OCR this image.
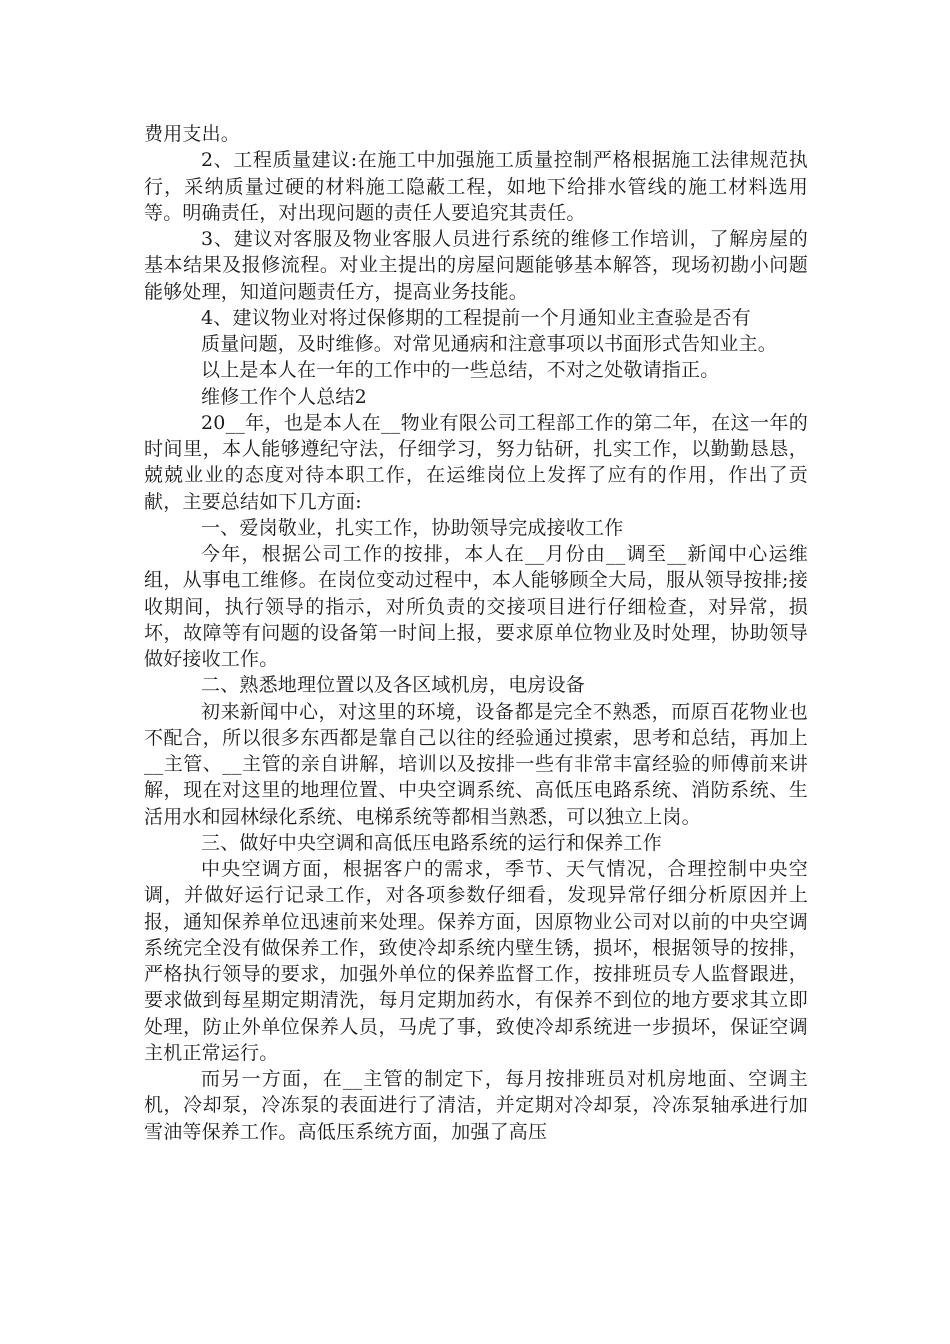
费用支出。

2、工程质量建议:在施工中加强施工质量控制严格根据施工法律规范执行，采纳质量过硬的材料施工隐蔽工程，如地下给排水管线的施工材料选用等。明确责任，对出现问题的责任人要追究其责任。

3、建议对客服及物业客服人员进行系统的维修工作培训，了解房屋的基本结果及报修流程。对业主提出的房屋问题能够基本解答，现场初勘小问题能够处理，知道问题责任方，提高业务技能。

4、建议物业对将过保修期的工程提前一个月通知业主查验是否有

质量问题，及时维修。对常见通病和注意事项以书面形式告知业主。

以上是本人在一年的工作中的一些总结，不对之处敬请指正。

维修工作个人总结2

20__年，也是本人在__物业有限公司工程部工作的第二年，在这一年的时间里，本人能够遵纪守法，仔细学习，努力钻研，扎实工作，以勤勤恳恳，兢兢业业的态度对待本职工作，在运维岗位上发挥了应有的作用，作出了贡献，主要总结如下几方面:

一、爱岗敬业，扎实工作，协助领导完成接收工作

今年，根据公司工作的按排，本人在__月份由__调至__新闻中心运维组，从事电工维修。在岗位变动过程中，本人能够顾全大局，服从领导按排;接收期间，执行领导的指示，对所负责的交接项目进行仔细检查，对异常，损坏，故障等有问题的设备第一时间上报，要求原单位物业及时处理，协助领导做好接收工作。

二、熟悉地理位置以及各区域机房，电房设备

初来新闻中心，对这里的环境，设备都是完全不熟悉，而原百花物业也不配合，所以很多东西都是靠自己以往的经验通过摸索，思考和总结，再加上__主管、__主管的亲自讲解，培训以及按排一些有非常丰富经验的师傅前来讲解，现在对这里的地理位置、中央空调系统、高低压电路系统、消防系统、生活用水和园林绿化系统、电梯系统等都相当熟悉，可以独立上岗。

三、做好中央空调和高低压电路系统的运行和保养工作

中央空调方面，根据客户的需求，季节、天气情况，合理控制中央空调，并做好运行记录工作，对各项参数仔细看，发现异常仔细分析原因并上报，通知保养单位迅速前来处理。保养方面，因原物业公司对以前的中央空调系统完全没有做保养工作，致使冷却系统内壁生锈，损坏，根据领导的按排，严格执行领导的要求，加强外单位的保养监督工作，按排班员专人监督跟进，要求做到每星期定期清洗，每月定期加药水，有保养不到位的地方要求其立即处理，防止外单位保养人员，马虎了事，致使冷却系统进一步损坏，保证空调主机正常运行。

而另一方面，在__主管的制定下，每月按排班员对机房地面、空调主机，冷却泵，冷冻泵的表面进行了清洁，并定期对冷却泵，冷冻泵轴承进行加雪油等保养工作。高低压系统方面，加强了高压
